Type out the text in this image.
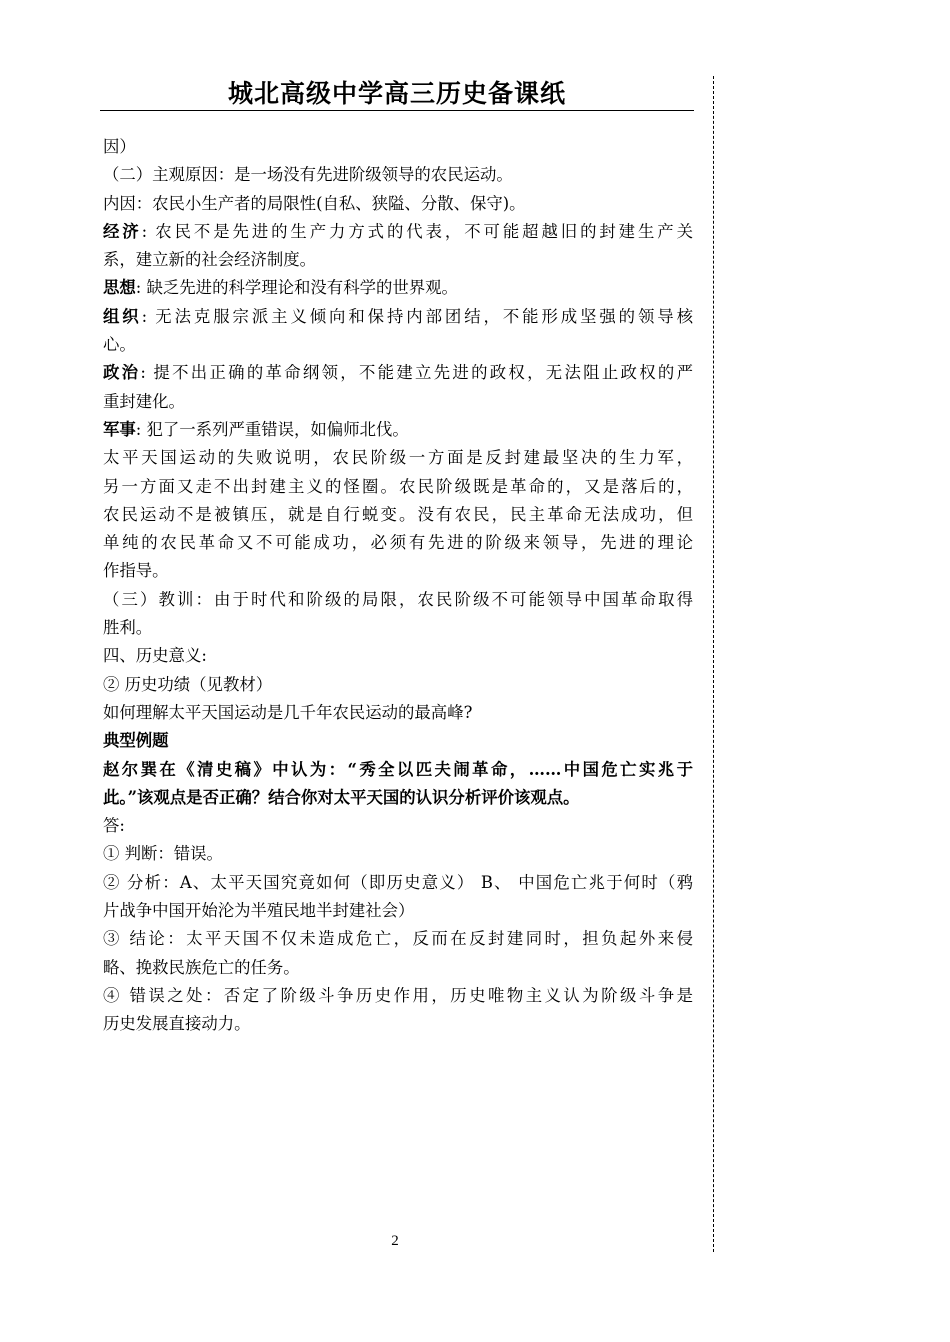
城北高级中学高三历史备课纸

因）

（二）主观原因：是一场没有先进阶级领导的农民运动。

内因：农民小生产者的局限性(自私、狭隘、分散、保守)。

经济: 农民不是先进的生产力方式的代表，不可能超越旧的封建生产关

系，建立新的社会经济制度。

思想: 缺乏先进的科学理论和没有科学的世界观。

组织: 无法克服宗派主义倾向和保持内部团结，不能形成坚强的领导核

心。

政治: 提不出正确的革命纲领，不能建立先进的政权，无法阻止政权的严

重封建化。

军事: 犯了一系列严重错误，如偏师北伐。

太平天国运动的失败说明，农民阶级一方面是反封建最坚决的生力军，

另一方面又走不出封建主义的怪圈。农民阶级既是革命的，又是落后的，

农民运动不是被镇压，就是自行蜕变。没有农民，民主革命无法成功，但

单纯的农民革命又不可能成功，必须有先进的阶级来领导，先进的理论

作指导。

（三）教训：由于时代和阶级的局限，农民阶级不可能领导中国革命取得

胜利。

四、历史意义:

② 历史功绩（见教材）

如何理解太平天国运动是几千年农民运动的最高峰?

典型例题

赵尔巽在《清史稿》中认为：“秀全以匹夫闹革命，……中国危亡实兆于

此。”该观点是否正确？结合你对太平天国的认识分析评价该观点。

答:

① 判断：错误。

② 分析：A、太平天国究竟如何（即历史意义） B、 中国危亡兆于何时（鸦

片战争中国开始沦为半殖民地半封建社会）

③ 结论：太平天国不仅未造成危亡，反而在反封建同时，担负起外来侵

略、挽救民族危亡的任务。

④ 错误之处：否定了阶级斗争历史作用，历史唯物主义认为阶级斗争是

历史发展直接动力。

2
